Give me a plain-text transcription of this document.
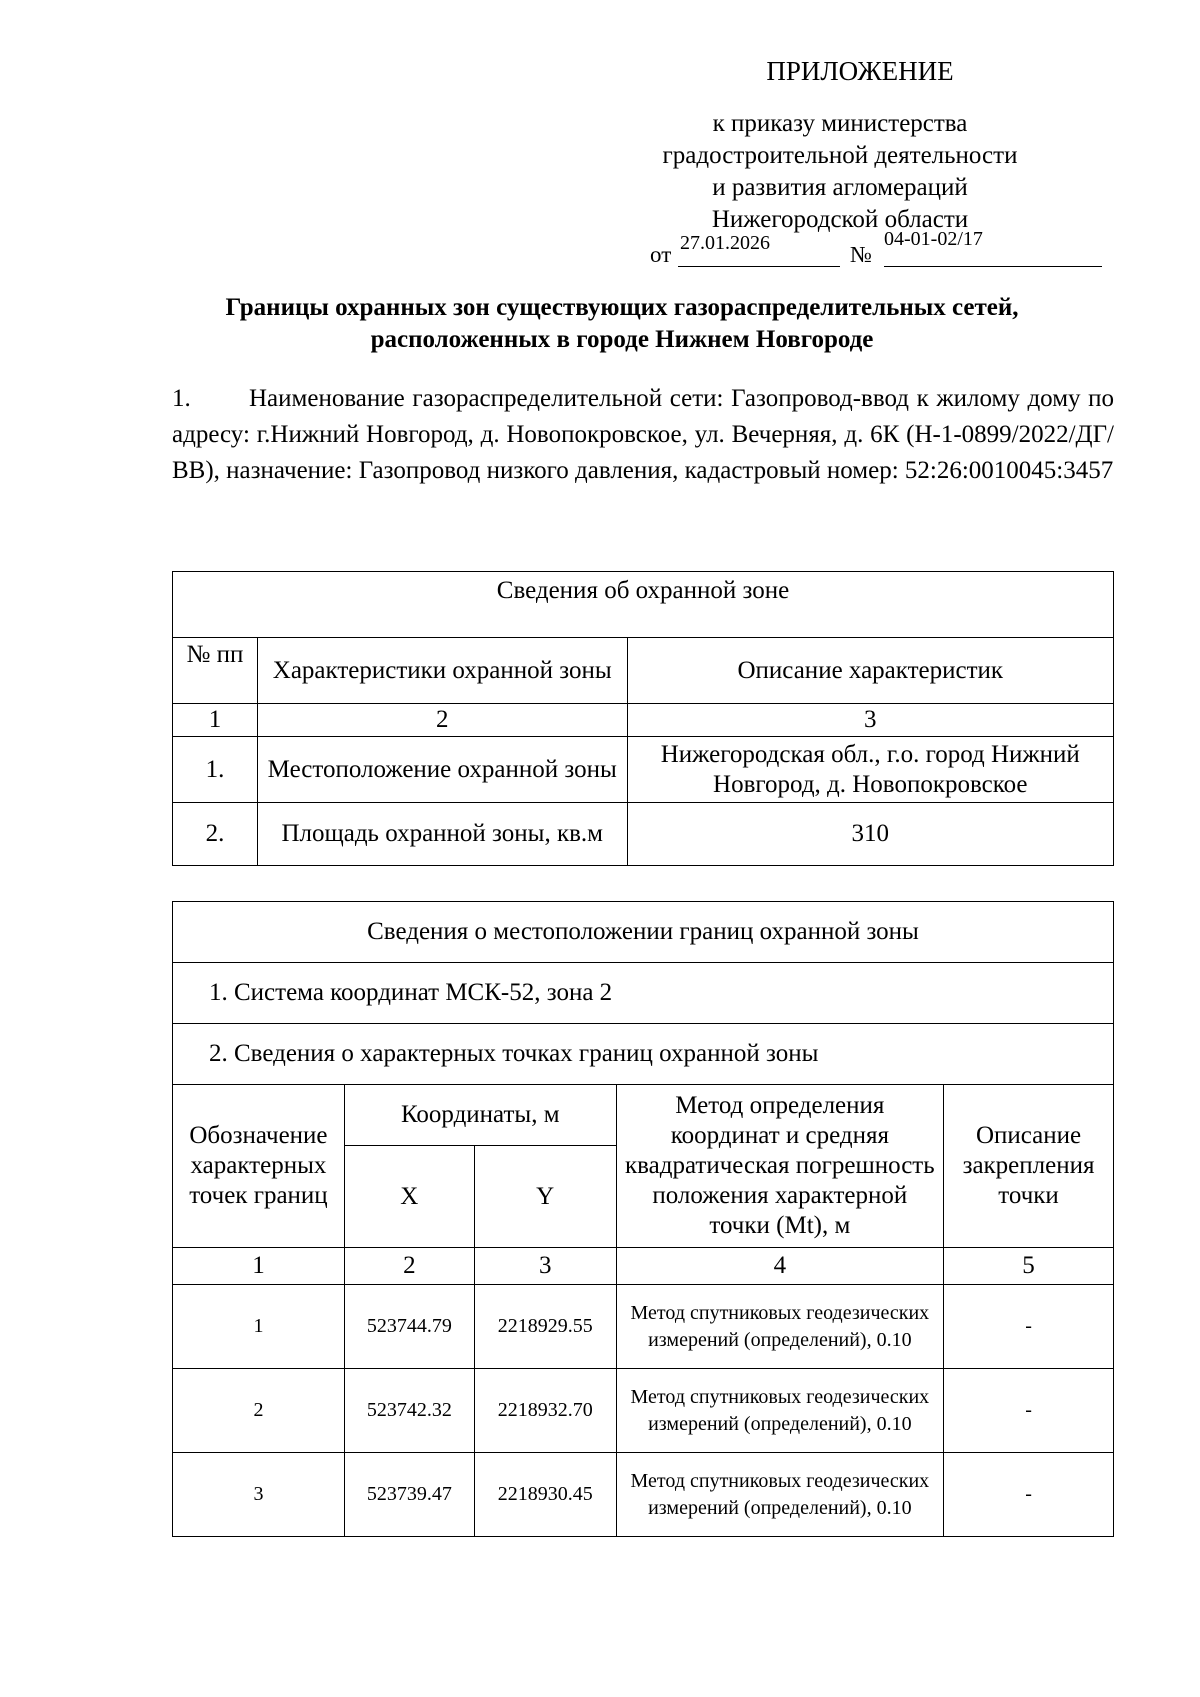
ПРИЛОЖЕНИЕ
к приказу министерства
градостроительной деятельности
и развития агломераций
Нижегородской области
от 27.01.2026	№
04-01-02/17
Границы охранных зон существующих газораспределительных сетей,
расположенных в городе Нижнем Новгороде
1. Наименование газораспределительной сети: Газопровод-ввод к жилому дому по адресу: г.Нижний Новгород, д. Новопокровское, ул. Вечерняя, д. 6К (Н-1-0899/2022/ДГ/ВВ), назначение: Газопровод низкого давления, кадастровый номер: 52:26:0010045:3457
Сведения об охранной зоне		
№ пп	Характеристики охранной зоны	Описание характеристик
1	2	3
1.	Местоположение охранной зоны	Нижегородская обл., г.о. город Нижний Новгород, д. Новопокровское
2.	Площадь охранной зоны, кв.м	310
Сведения о местоположении границ охранной зоны				
1. Система координат МСК-52, зона 2				
2. Сведения о характерных точках границ охранной зоны				
Обозначение характерных точек границ	Координаты, м		Метод определения координат и средняя квадратическая погрешность положения характерной точки (Mt), м	Описание закрепления точки
	X	Y		
1	2	3	4	5
1	523744.79	2218929.55	Метод спутниковых геодезических измерений (определений), 0.10	-
2	523742.32	2218932.70	Метод спутниковых геодезических измерений (определений), 0.10	-
3	523739.47	2218930.45	Метод спутниковых геодезических измерений (определений), 0.10	-
